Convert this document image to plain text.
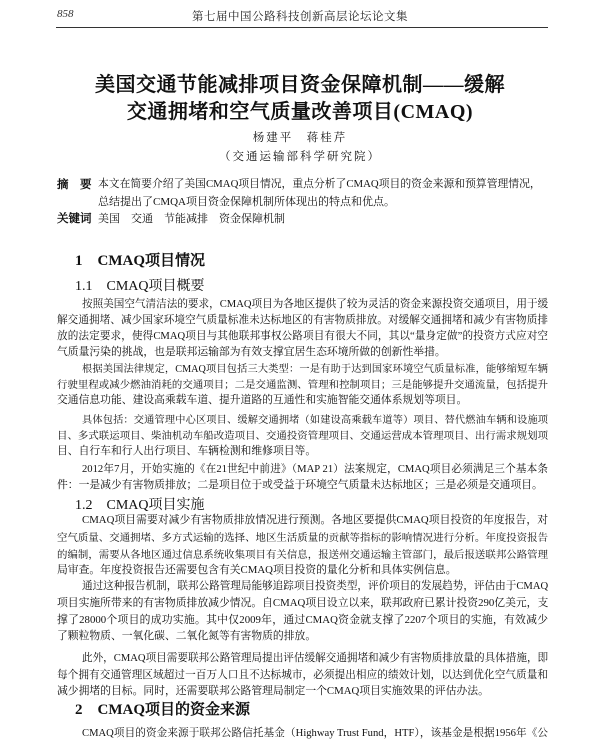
858	第七届中国公路科技创新高层论坛论文集
美国交通节能减排项目资金保障机制——缓解
交通拥堵和空气质量改善项目(CMAQ)
杨建平　蒋桂芹
（交通运输部科学研究院）
摘　要 本文在简要介绍了美国CMAQ项目情况，重点分析了CMAQ项目的资金来源和预算管理情况，
总结提出了CMQA项目资金保障机制所体现出的特点和优点。
关键词 美国　交通　节能减排　资金保障机制
1　CMAQ项目情况
1.1　CMAQ项目概要
1.2　CMAQ项目实施
2　CMAQ项目的资金来源
按照美国空气清洁法的要求，CMAQ项目为各地区提供了较为灵活的资金来源投资交通项目，用于缓
解交通拥堵、减少国家环境空气质量标准未达标地区的有害物质排放。对缓解交通拥堵和减少有害物质排
放的法定要求，使得CMAQ项目与其他联邦事权公路项目有很大不同，其以“量身定做”的投资方式应对空
气质量污染的挑战，也是联邦运输部为有效支撑宜居生态环境所做的创新性举措。
根据美国法律规定，CMAQ项目包括三大类型：一是有助于达到国家环境空气质量标准，能够缩短车辆
行驶里程或减少燃油消耗的交通项目；二是交通监测、管理和控制项目；三是能够提升交通流量，包括提升
交通信息功能、建设高乘载车道、提升道路的互通性和实施智能交通体系规划等项目。
具体包括：交通管理中心区项目、缓解交通拥堵（如建设高乘载车道等）项目、替代燃油车辆和设施项
目、多式联运项目、柴油机动车船改造项目、交通投资管理项目、交通运营成本管理项目、出行需求规划项
目、自行车和行人出行项目、车辆检测和维修项目等。
2012年7月，开始实施的《在21世纪中前进》（MAP 21）法案规定，CMAQ项目必须满足三个基本条
件：一是减少有害物质排放；二是项目位于或受益于环境空气质量未达标地区；三是必须是交通项目。
CMAQ项目需要对减少有害物质排放情况进行预测。各地区要提供CMAQ项目投资的年度报告，对
空气质量、交通拥堵、多方式运输的选择、地区生活质量的贡献等指标的影响情况进行分析。年度投资报告
的编制，需要从各地区通过信息系统收集项目有关信息，报送州交通运输主管部门，最后报送联邦公路管理
局审查。年度投资报告还需要包含有关CMAQ项目投资的量化分析和具体实例信息。
通过这种报告机制，联邦公路管理局能够追踪项目投资类型，评价项目的发展趋势，评估由于CMAQ
项目实施所带来的有害物质排放减少情况。自CMAQ项目设立以来，联邦政府已累计投资290亿美元，支
撑了28000个项目的成功实施。其中仅2009年，通过CMAQ资金就支撑了2207个项目的实施，有效减少
了颗粒物质、一氧化碳、二氧化氮等有害物质的排放。
此外，CMAQ项目需要联邦公路管理局提出评估缓解交通拥堵和减少有害物质排放量的具体措施，即
每个拥有交通管理区域超过一百万人口且不达标城市，必须提出相应的绩效计划，以达到优化空气质量和
减少拥堵的目标。同时，还需要联邦公路管理局制定一个CMAQ项目实施效果的评估办法。
CMAQ项目的资金来源于联邦公路信托基金（Highway Trust Fund，HTF），该基金是根据1956年《公
